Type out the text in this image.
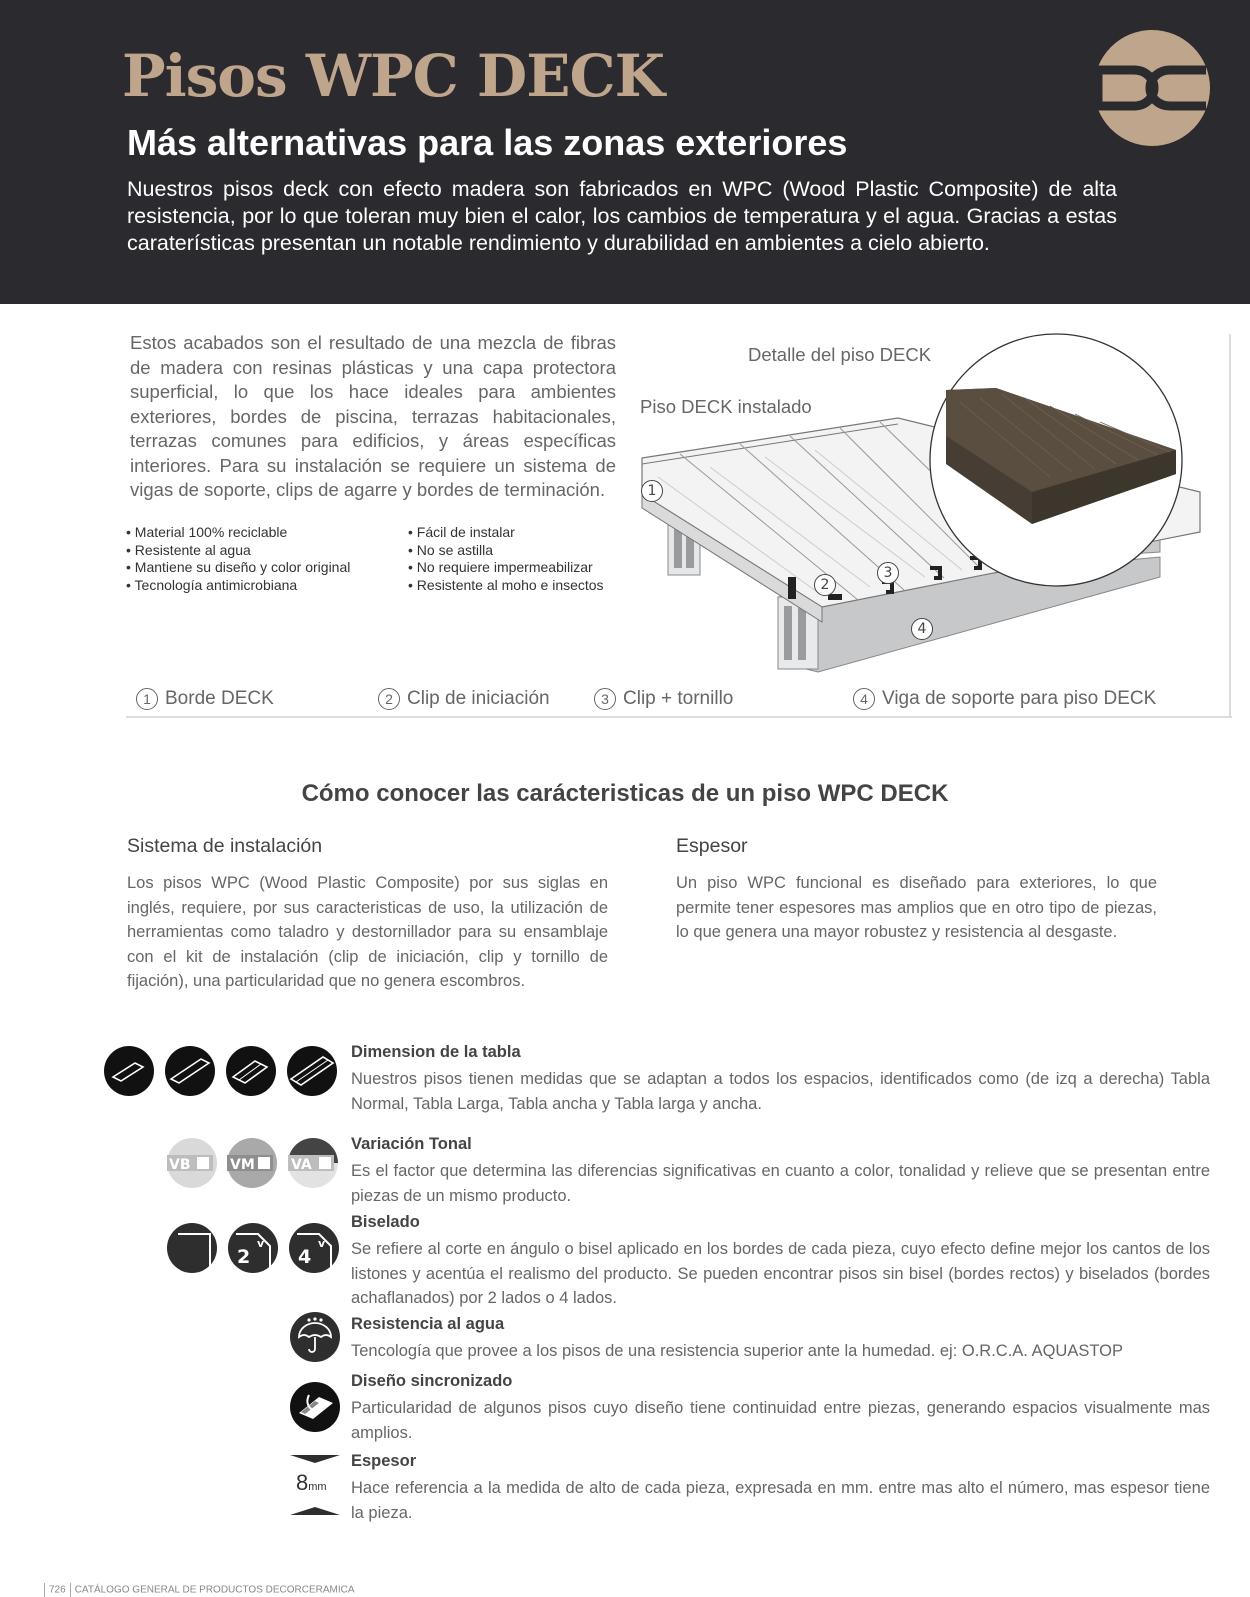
Pisos WPC DECK
Más alternativas para las zonas exteriores
Nuestros pisos deck con efecto madera son fabricados en WPC (Wood Plastic Composite) de alta resistencia, por lo que toleran muy bien el calor, los cambios de temperatura y el agua. Gracias a estas caraterísticas presentan un notable rendimiento y durabilidad en ambientes a cielo abierto.
Estos acabados son el resultado de una mezcla de fibras de madera con resinas plásticas y una capa protectora superficial, lo que los hace ideales para ambientes exteriores, bordes de piscina, terrazas habitacionales, terrazas comunes para edificios, y áreas específicas interiores. Para su instalación se requiere un sistema de vigas de soporte, clips de agarre y bordes de terminación.
• Material 100% reciclable
• Resistente al agua
• Mantiene su diseño y color original
• Tecnología antimicrobiana
• Fácil de instalar
• No se astilla
• No requiere impermeabilizar
• Resistente al moho e insectos
Detalle del piso DECK
Piso DECK instalado
1
2
3
4
1 Borde DECK	2 Clip de iniciación	3 Clip + tornillo	4 Viga de soporte para piso DECK
Cómo conocer las carácteristicas de un piso WPC DECK
Sistema de instalación
Los pisos WPC (Wood Plastic Composite) por sus siglas en inglés, requiere, por sus caracteristicas de uso, la utilización de herramientas como taladro y destornillador para su ensamblaje con el kit de instalación (clip de iniciación, clip y tornillo de fijación), una particularidad que no genera escombros.
Espesor
Un piso WPC funcional es diseñado para exteriores, lo que permite tener espesores mas amplios que en otro tipo de piezas, lo que genera una mayor robustez y resistencia al desgaste.
VB	VM	VA
2	4
v	v
8mm
Dimension de la tabla
Nuestros pisos tienen medidas que se adaptan a todos los espacios, identificados como (de izq a derecha) Tabla Normal, Tabla Larga, Tabla ancha y Tabla larga y ancha.
Variación Tonal
Es el factor que determina las diferencias significativas en cuanto a color, tonalidad y relieve que se presentan entre piezas de un mismo producto.
Biselado
Se refiere al corte en ángulo o bisel aplicado en los bordes de cada pieza, cuyo efecto define mejor los cantos de los listones y acentúa el realismo del producto. Se pueden encontrar pisos sin bisel (bordes rectos) y biselados (bordes achaflanados) por 2 lados o 4 lados.
Resistencia al agua
Tencología que provee a los pisos de una resistencia superior ante la humedad. ej: O.R.C.A. AQUASTOP
Diseño sincronizado
Particularidad de algunos pisos cuyo diseño tiene continuidad entre piezas, generando espacios visualmente mas amplios.
Espesor
Hace referencia a la medida de alto de cada pieza, expresada en mm. entre mas alto el número, mas espesor tiene la pieza.
726 CATÁLOGO GENERAL DE PRODUCTOS DECORCERAMICA
